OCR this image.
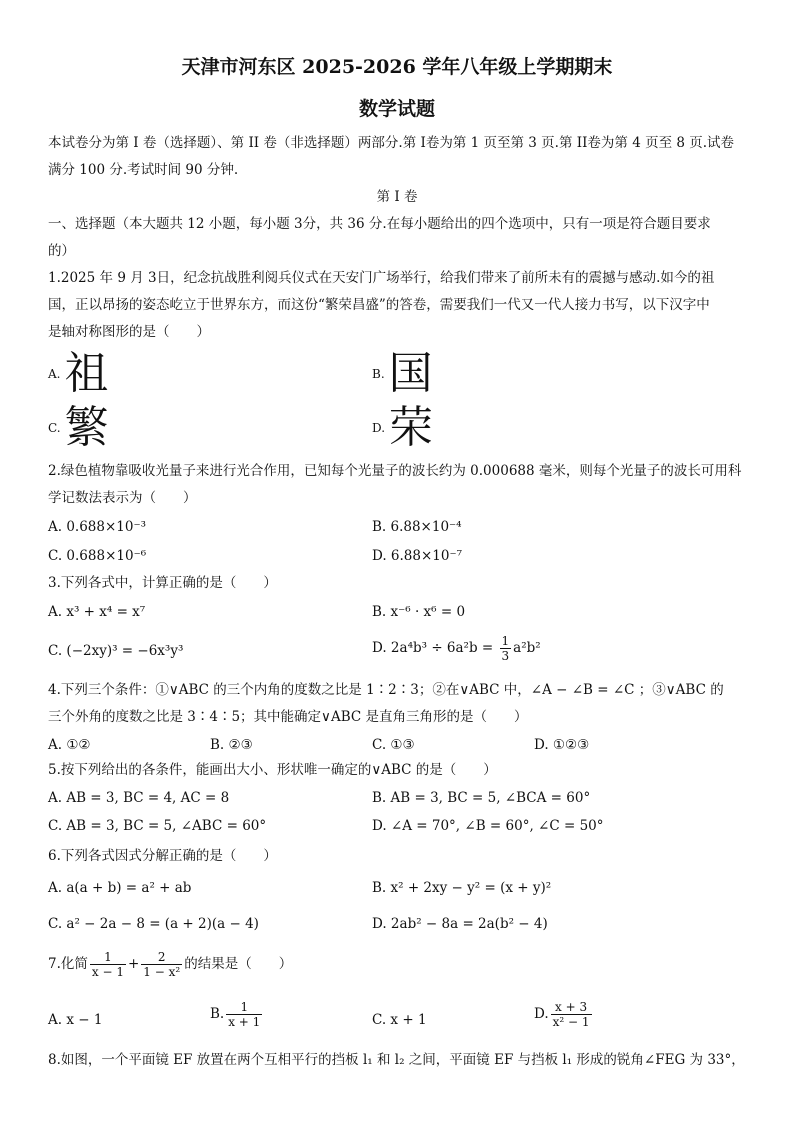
天津市河东区 2025-2026 学年八年级上学期期末
数学试题
本试卷分为第 I 卷（选择题）、第 II 卷（非选择题）两部分.第 I卷为第 1 页至第 3 页.第 II卷为第 4 页至 8 页.试卷
满分 100 分.考试时间 90 分钟.
第 I 卷
一、选择题（本大题共 12 小题，每小题 3分，共 36 分.在每小题给出的四个选项中，只有一项是符合题目要求
的）
1.2025 年 9 月 3日，纪念抗战胜利阅兵仪式在天安门广场举行，给我们带来了前所未有的震撼与感动.如今的祖
国，正以昂扬的姿态屹立于世界东方，而这份“繁荣昌盛”的答卷，需要我们一代又一代人接力书写，以下汉字中
是轴对称图形的是（　　）
A.祖	B.国
C.繁	D.荣
2.绿色植物靠吸收光量子来进行光合作用，已知每个光量子的波长约为 0.000688 毫米，则每个光量子的波长可用科
学记数法表示为（　　）
A. 0.688×10⁻³	B. 6.88×10⁻⁴
C. 0.688×10⁻⁶	D. 6.88×10⁻⁷
3.下列各式中，计算正确的是（　　）
A. x³ + x⁴ = x⁷	B. x⁻⁶ · x⁶ = 0
C. (−2xy)³ = −6x³y³	D. $2a^4b^3 \div 6a^2b = \frac{1}{3} a^2b^2$
4.下列三个条件：①∨ABC 的三个内角的度数之比是 1∶2∶3；②在∨ABC 中，∠A − ∠B = ∠C ；③∨ABC 的
三个外角的度数之比是 3∶4∶5；其中能确定∨ABC 是直角三角形的是（　　）
A. ①②	B. ②③	C. ①③	D. ①②③
5.按下列给出的各条件，能画出大小、形状唯一确定的∨ABC 的是（　　）
A. AB = 3, BC = 4, AC = 8	B. AB = 3, BC = 5, ∠BCA = 60°
C. AB = 3, BC = 5, ∠ABC = 60°	D. ∠A = 70°, ∠B = 60°, ∠C = 50°
6.下列各式因式分解正确的是（　　）
A. a(a + b) = a² + ab	B. x² + 2xy − y² = (x + y)²
C. a² − 2a − 8 = (a + 2)(a − 4)	D. 2ab² − 8a = 2a(b² − 4)
7.化简 $\frac{1}{x - 1} + \frac{2}{\text{1 − x²}}$ 的结果是（　　）
A. x − 1	B. $\frac{1}{x + 1}$	C. x + 1	D. $\frac{x + 3}{\text{x² − 1}}$
8.如图，一个平面镜 EF 放置在两个互相平行的挡板 l₁ 和 l₂ 之间，平面镜 EF 与挡板 l₁ 形成的锐角∠FEG 为 33°，
